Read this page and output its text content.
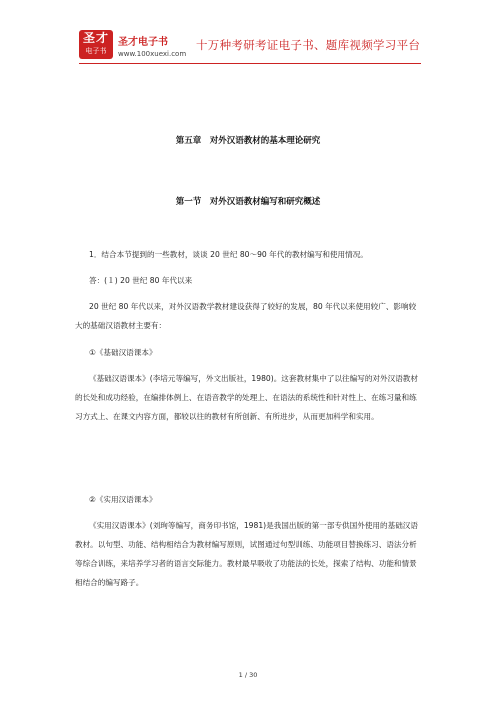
圣才
电子书
圣才电子书
www.100xuexi.com
十万种考研考证电子书、题库视频学习平台
第五章　对外汉语教材的基本理论研究
第一节　对外汉语教材编写和研究概述
1．结合本节提到的一些教材，谈谈 20 世纪 80～90 年代的教材编写和使用情况。
答：(１) 20 世纪 80 年代以来
20 世纪 80 年代以来，对外汉语教学教材建设获得了较好的发展，80 年代以来使用较广、影响较大的基础汉语教材主要有：
①《基础汉语课本》
《基础汉语课本》(李培元等编写，外文出版社，1980)。这套教材集中了以往编写的对外汉语教材的长处和成功经验，在编排体例上、在语音教学的处理上、在语法的系统性和针对性上、在练习量和练习方式上、在课文内容方面，都较以往的教材有所创新、有所进步，从而更加科学和实用。
②《实用汉语课本》
《实用汉语课本》(刘珣等编写，商务印书馆，1981)是我国出版的第一部专供国外使用的基础汉语教材。以句型、功能、结构相结合为教材编写原则，试图通过句型训练、功能项目替换练习、语法分析等综合训练，来培养学习者的语言交际能力。教材最早吸收了功能法的长处，探索了结构、功能和情景相结合的编写路子。
1 / 30
